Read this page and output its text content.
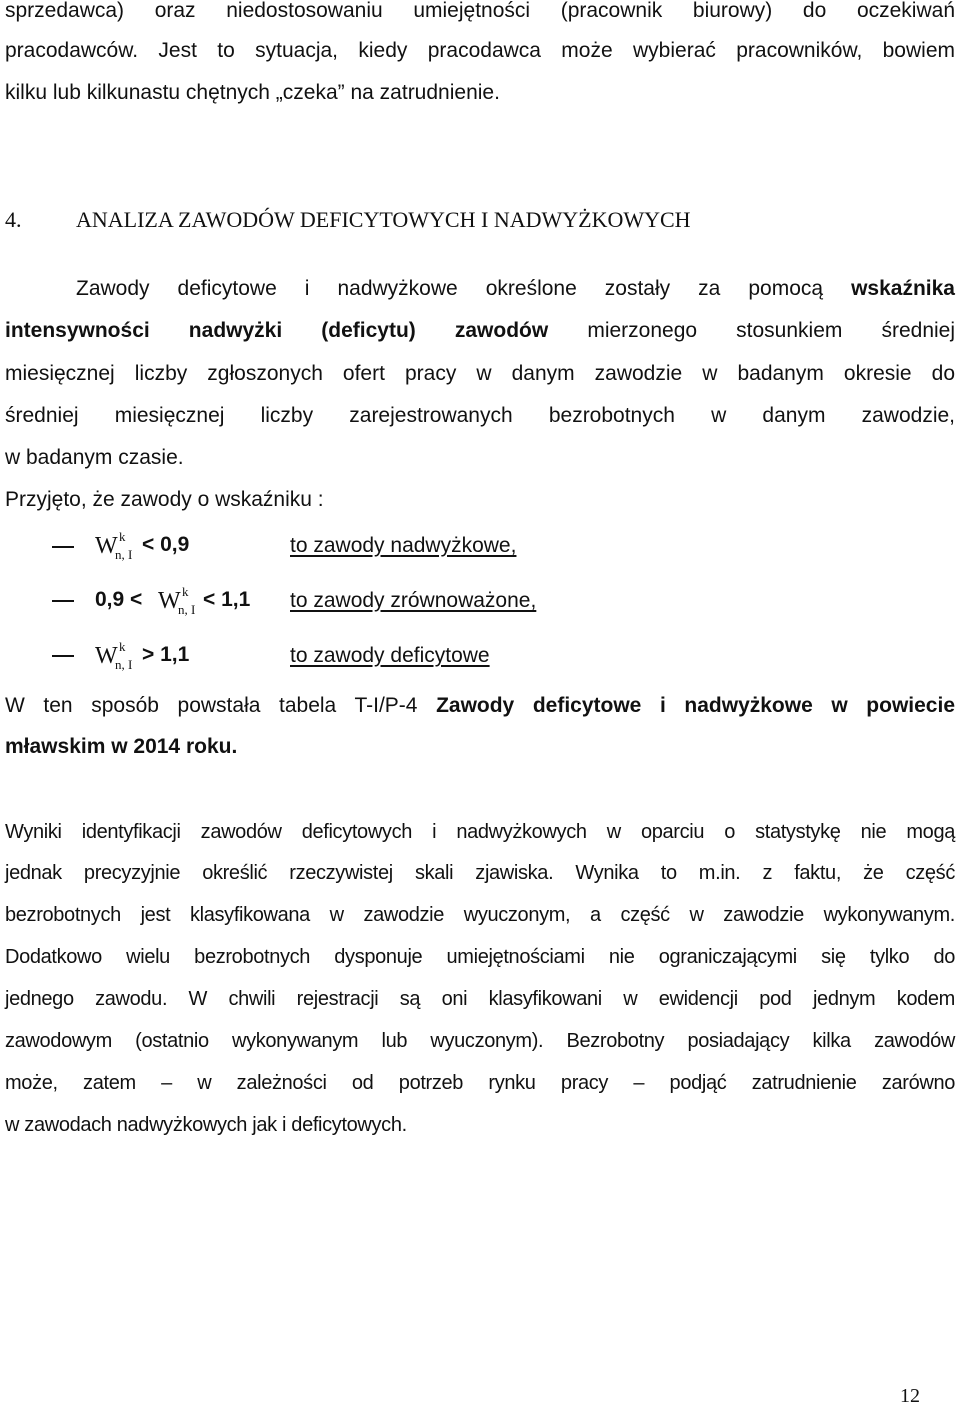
sprzedawca) oraz niedostosowaniu umiejętności (pracownik biurowy) do oczekiwań
pracodawców. Jest to sytuacja, kiedy pracodawca może wybierać pracowników, bowiem
kilku lub kilkunastu chętnych „czeka” na zatrudnienie.
4. ANALIZA ZAWODÓW DEFICYTOWYCH I NADWYŻKOWYCH
Zawody deficytowe i nadwyżkowe określone zostały za pomocą wskaźnika
intensywności nadwyżki (deficytu) zawodów mierzonego stosunkiem średniej
miesięcznej liczby zgłoszonych ofert pracy w danym zawodzie w badanym okresie do
średniej miesięcznej liczby zarejestrowanych bezrobotnych w danym zawodzie,
w badanym czasie.
Przyjęto, że zawody o wskaźniku :
W k
n, I < 0,9	to zawody nadwyżkowe,
0,9 < W k
n, I < 1,1 to zawody zrównoważone,
W k
n, I > 1,1	to zawody deficytowe
W ten sposób powstała tabela T-I/P-4 Zawody deficytowe i nadwyżkowe w powiecie
mławskim w 2014 roku.
Wyniki identyfikacji zawodów deficytowych i nadwyżkowych w oparciu o statystykę nie mogą
jednak precyzyjnie określić rzeczywistej skali zjawiska. Wynika to m.in. z faktu, że część
bezrobotnych jest klasyfikowana w zawodzie wyuczonym, a część w zawodzie wykonywanym.
Dodatkowo wielu bezrobotnych dysponuje umiejętnościami nie ograniczającymi się tylko do
jednego zawodu. W chwili rejestracji są oni klasyfikowani w ewidencji pod jednym kodem
zawodowym (ostatnio wykonywanym lub wyuczonym). Bezrobotny posiadający kilka zawodów
może, zatem – w zależności od potrzeb rynku pracy – podjąć zatrudnienie zarówno
w zawodach nadwyżkowych jak i deficytowych.
12
